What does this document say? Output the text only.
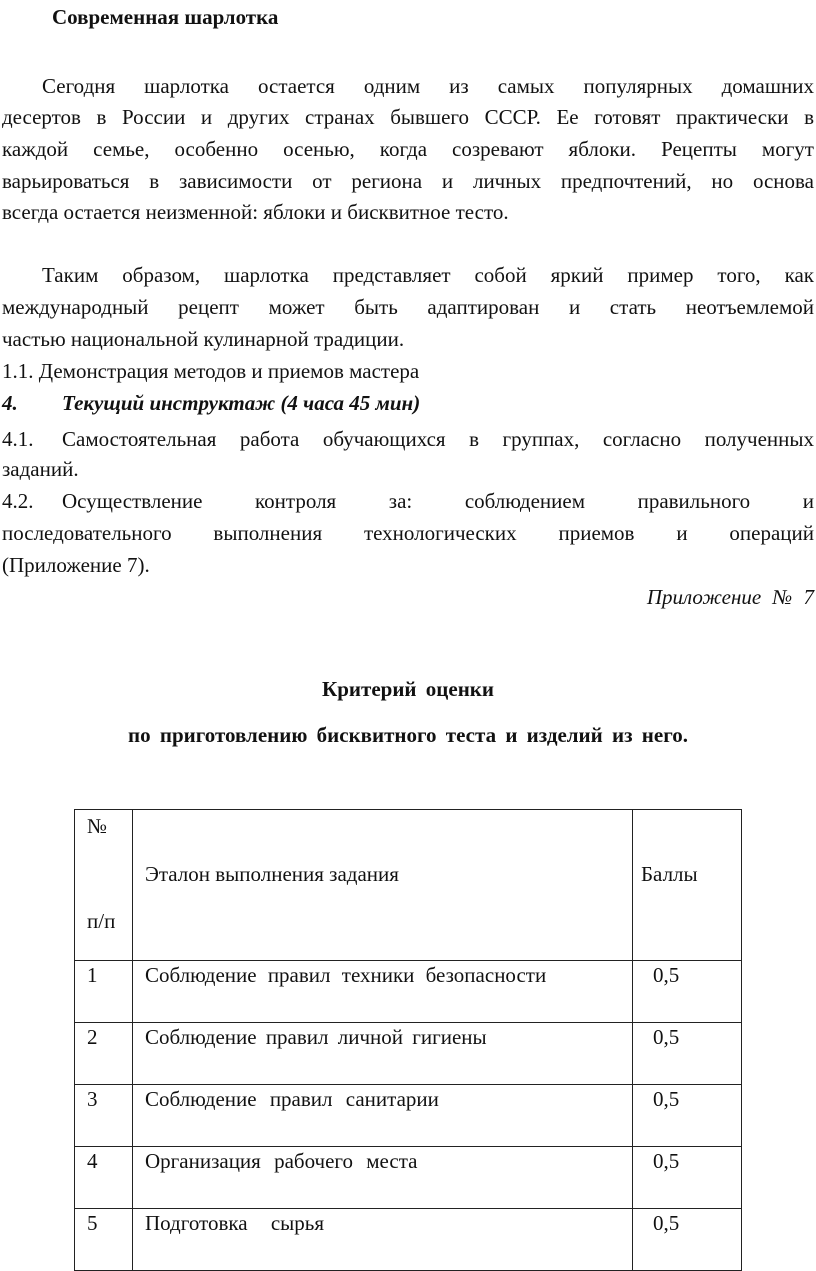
Современная шарлотка
Сегодня шарлотка остается одним из самых популярных домашних
десертов в России и других странах бывшего СССР. Ее готовят практически в
каждой семье, особенно осенью, когда созревают яблоки. Рецепты могут
варьироваться в зависимости от региона и личных предпочтений, но основа
всегда остается неизменной: яблоки и бисквитное тесто.
Таким образом, шарлотка представляет собой яркий пример того, как
международный рецепт может быть адаптирован и стать неотъемлемой
частью национальной кулинарной традиции.
1.1. Демонстрация методов и приемов мастера
4. Текущий инструктаж (4 часа 45 мин)
4.1. Самостоятельная работа обучающихся в группах, согласно полученных
заданий.
4.2. Осуществление контроля за: соблюдением правильного и
последовательного выполнения технологических приемов и операций
(Приложение 7).
Приложение № 7
Критерий оценки
по приготовлению бисквитного теста и изделий из него.
№
п/п	Эталон выполнения задания	Баллы
1	Соблюдение правил техники безопасности	0,5
2	Соблюдение правил личной гигиены	0,5
3	Соблюдение правил санитарии	0,5
4	Организация рабочего места	0,5
5	Подготовка сырья	0,5
